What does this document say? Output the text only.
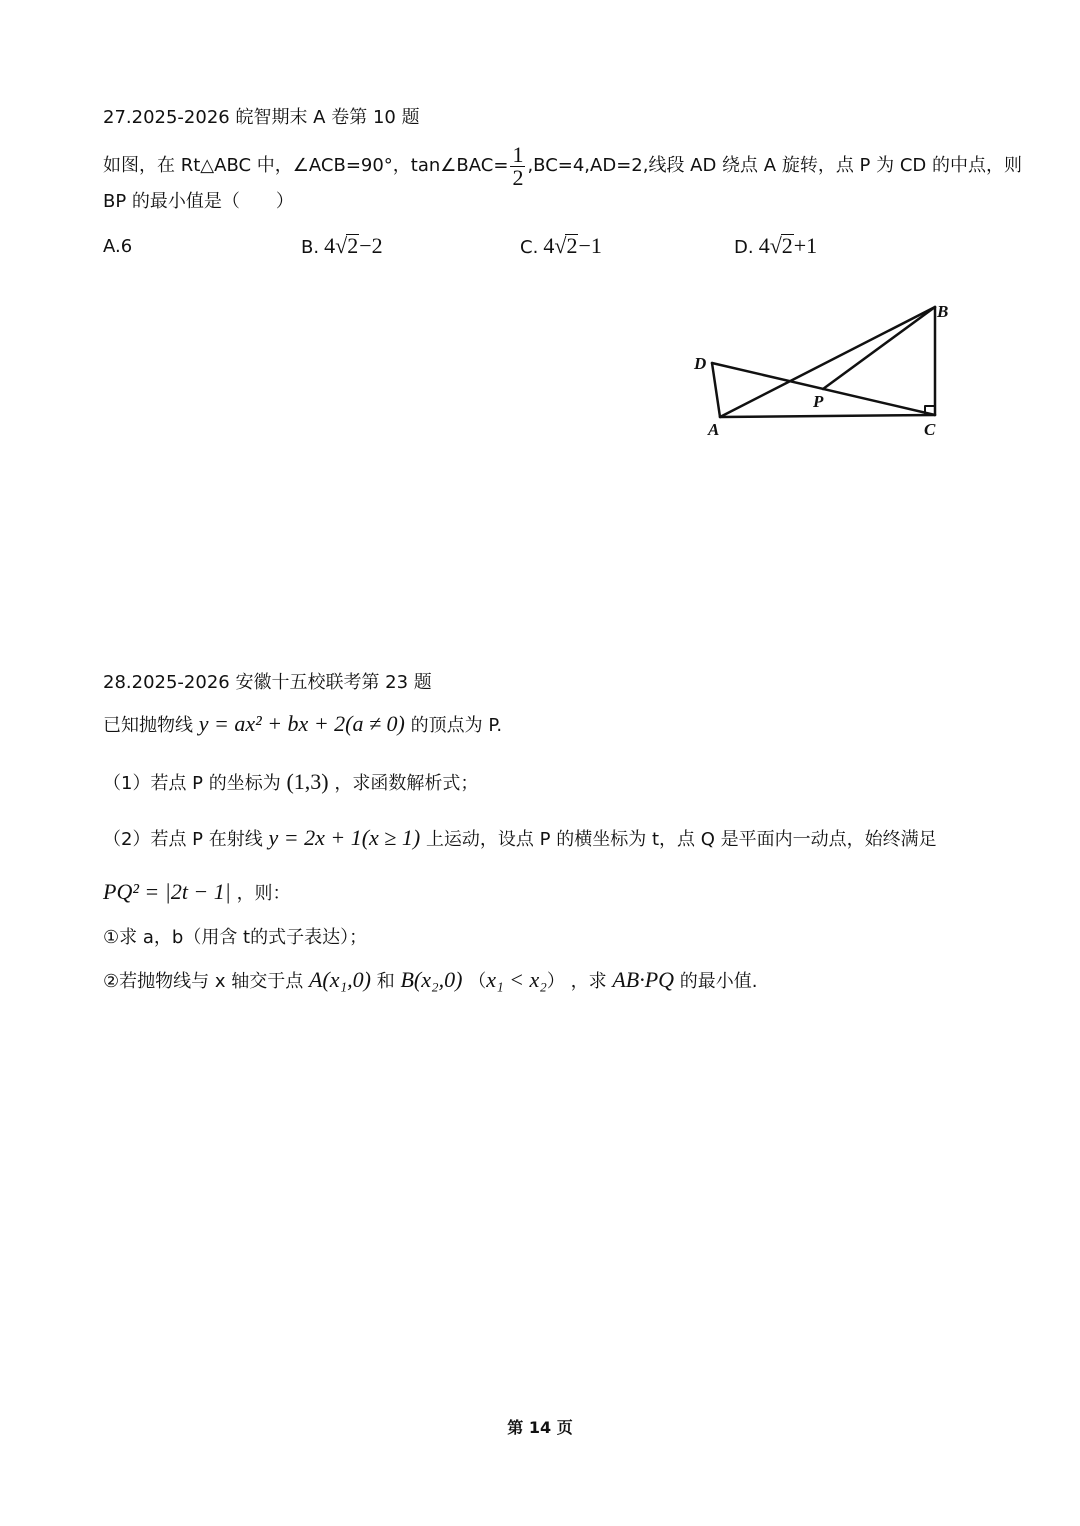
27.2025-2026 皖智期末 A 卷第 10 题
如图，在 Rt△ABC 中，∠ACB=90°，tan∠BAC= $\frac{1}{2} ,BC=4,AD=2$,线段 AD 绕点 A 旋转，点 P 为 CD 的中点，则
BP 的最小值是（　　）
A.6	B. 4√2−2	C. 4√2−1	D. 4√2+1
B
D
P
A	C
28.2025-2026 安徽十五校联考第 23 题
已知抛物线 y = ax² + bx + 2(a ≠ 0) 的顶点为 P.
（1）若点 P 的坐标为 (1,3) ，求函数解析式；
（2）若点 P 在射线 y = 2x + 1(x ≥ 1) 上运动，设点 P 的横坐标为 t，点 Q 是平面内一动点，始终满足
PQ² = |2t − 1| ，则：
①求 a，b（用含 t的式子表达）；
②若抛物线与 x 轴交于点 A(x₁,0) 和 B(x₂,0) （x₁ < x₂） ，求 AB·PQ 的最小值.
第 14 页
